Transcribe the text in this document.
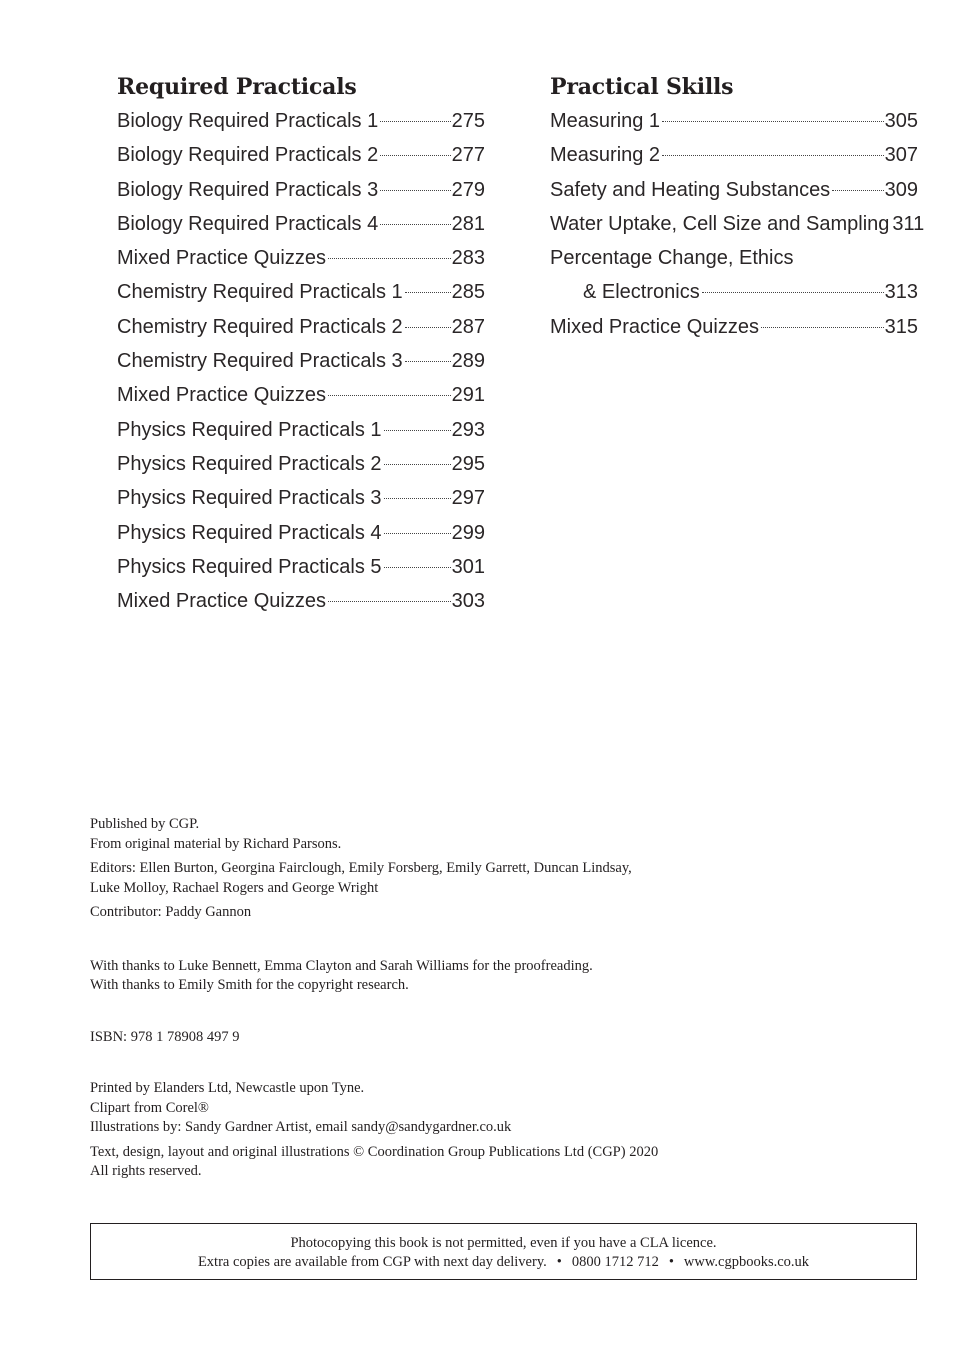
Required Practicals
Biology Required Practicals 1	275
Biology Required Practicals 2	277
Biology Required Practicals 3	279
Biology Required Practicals 4	281
Mixed Practice Quizzes	283
Chemistry Required Practicals 1 285
Chemistry Required Practicals 2 287
Chemistry Required Practicals 3 289
Mixed Practice Quizzes	291
Physics Required Practicals 1	293
Physics Required Practicals 2	295
Physics Required Practicals 3	297
Physics Required Practicals 4	299
Physics Required Practicals 5	301
Mixed Practice Quizzes	303
Practical Skills
Measuring 1	305
Measuring 2	307
Safety and Heating Substances	309
Water Uptake, Cell Size and Sampling 311
Percentage Change, Ethics
& Electronics	313
Mixed Practice Quizzes	315

Published by CGP.

From original material by Richard Parsons.

Editors: Ellen Burton, Georgina Fairclough, Emily Forsberg, Emily Garrett, Duncan Lindsay,

Luke Molloy, Rachael Rogers and George Wright

Contributor: Paddy Gannon

With thanks to Luke Bennett, Emma Clayton and Sarah Williams for the proofreading.

With thanks to Emily Smith for the copyright research.

ISBN: 978 1 78908 497 9

Printed by Elanders Ltd, Newcastle upon Tyne.

Clipart from Corel®

Illustrations by: Sandy Gardner Artist, email sandy@sandygardner.co.uk

Text, design, layout and original illustrations © Coordination Group Publications Ltd (CGP) 2020

All rights reserved.

Photocopying this book is not permitted, even if you have a CLA licence.

Extra copies are available from CGP with next day delivery. • 0800 1712 712 • www.cgpbooks.co.uk
